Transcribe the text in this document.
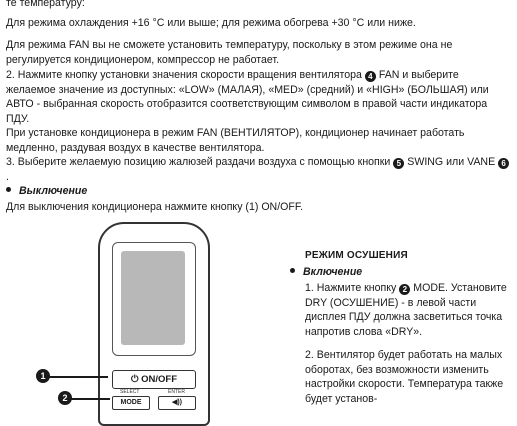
те температуру:

Для режима охлаждения +16 °C или выше; для режима обогрева +30 °C или ниже.

Для режима FAN вы не сможете установить температуру, поскольку в этом режиме она не регулируется кондиционером, компрессор не работает.

2. Нажмите кнопку установки значения скорости вращения вентилятора 4 FAN и выберите желаемое значение из доступных: «LOW» (МАЛАЯ), «MED» (средний) и «HIGH» (БОЛЬШАЯ) или АВТО - выбранная скорость отобразится соответствующим символом в правой части индикатора ПДУ.

При установке кондиционера в режим FAN (ВЕНТИЛЯТОР), кондиционер начинает работать медленно, раздувая воздух в качестве вентилятора.

3. Выберите желаемую позицию жалюзей раздачи воздуха с помощью кнопки 5 SWING или VANE 6.

Выключение

Для выключения кондиционера нажмите кнопку (1) ON/OFF.

⏻ ON/OFF
SELECT	ENTER
MODE	◀))
1
2
РЕЖИМ ОСУШЕНИЯ
Включение
1. Нажмите кнопку 2 MODE. Установите DRY (ОСУШЕНИЕ) - в левой части дисплея ПДУ должна засветиться точка напротив слова «DRY».
2. Вентилятор будет работать на малых оборотах, без возможности изменить настройки скорости. Температура также будет установ-
